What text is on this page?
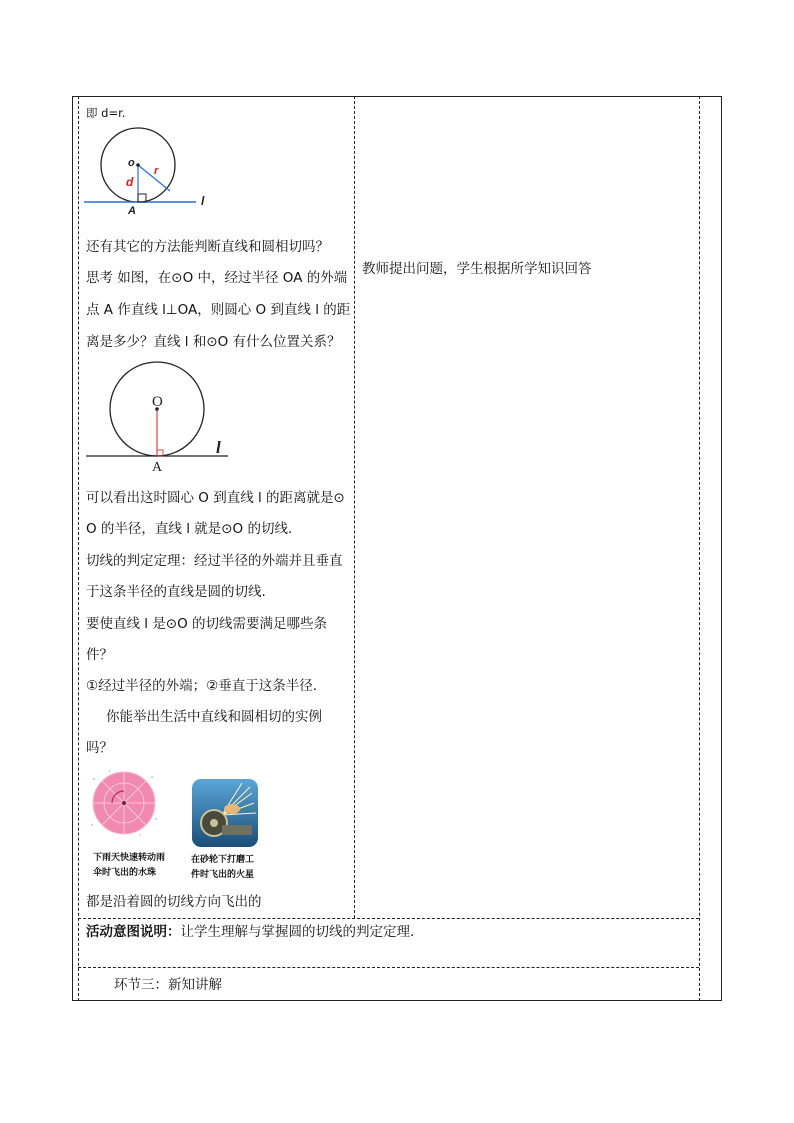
即 d=r.
o
r
d
A
l
还有其它的方法能判断直线和圆相切吗？
思考 如图，在⊙O 中，经过半径 OA 的外端
点 A 作直线 l⊥OA，则圆心 O 到直线 l 的距
离是多少？直线 l 和⊙O 有什么位置关系？
O
A
l
可以看出这时圆心 O 到直线 l 的距离就是⊙
O 的半径，直线 l 就是⊙O 的切线.
切线的判定定理：经过半径的外端并且垂直
于这条半径的直线是圆的切线.
要使直线 l 是⊙O 的切线需要满足哪些条
件？
①经过半径的外端；②垂直于这条半径.
你能举出生活中直线和圆相切的实例
吗？
下雨天快速转动雨
伞时飞出的水珠
在砂轮下打磨工
件时飞出的火星
都是沿着圆的切线方向飞出的
教师提出问题，学生根据所学知识回答
活动意图说明：让学生理解与掌握圆的切线的判定定理.
环节三：新知讲解
